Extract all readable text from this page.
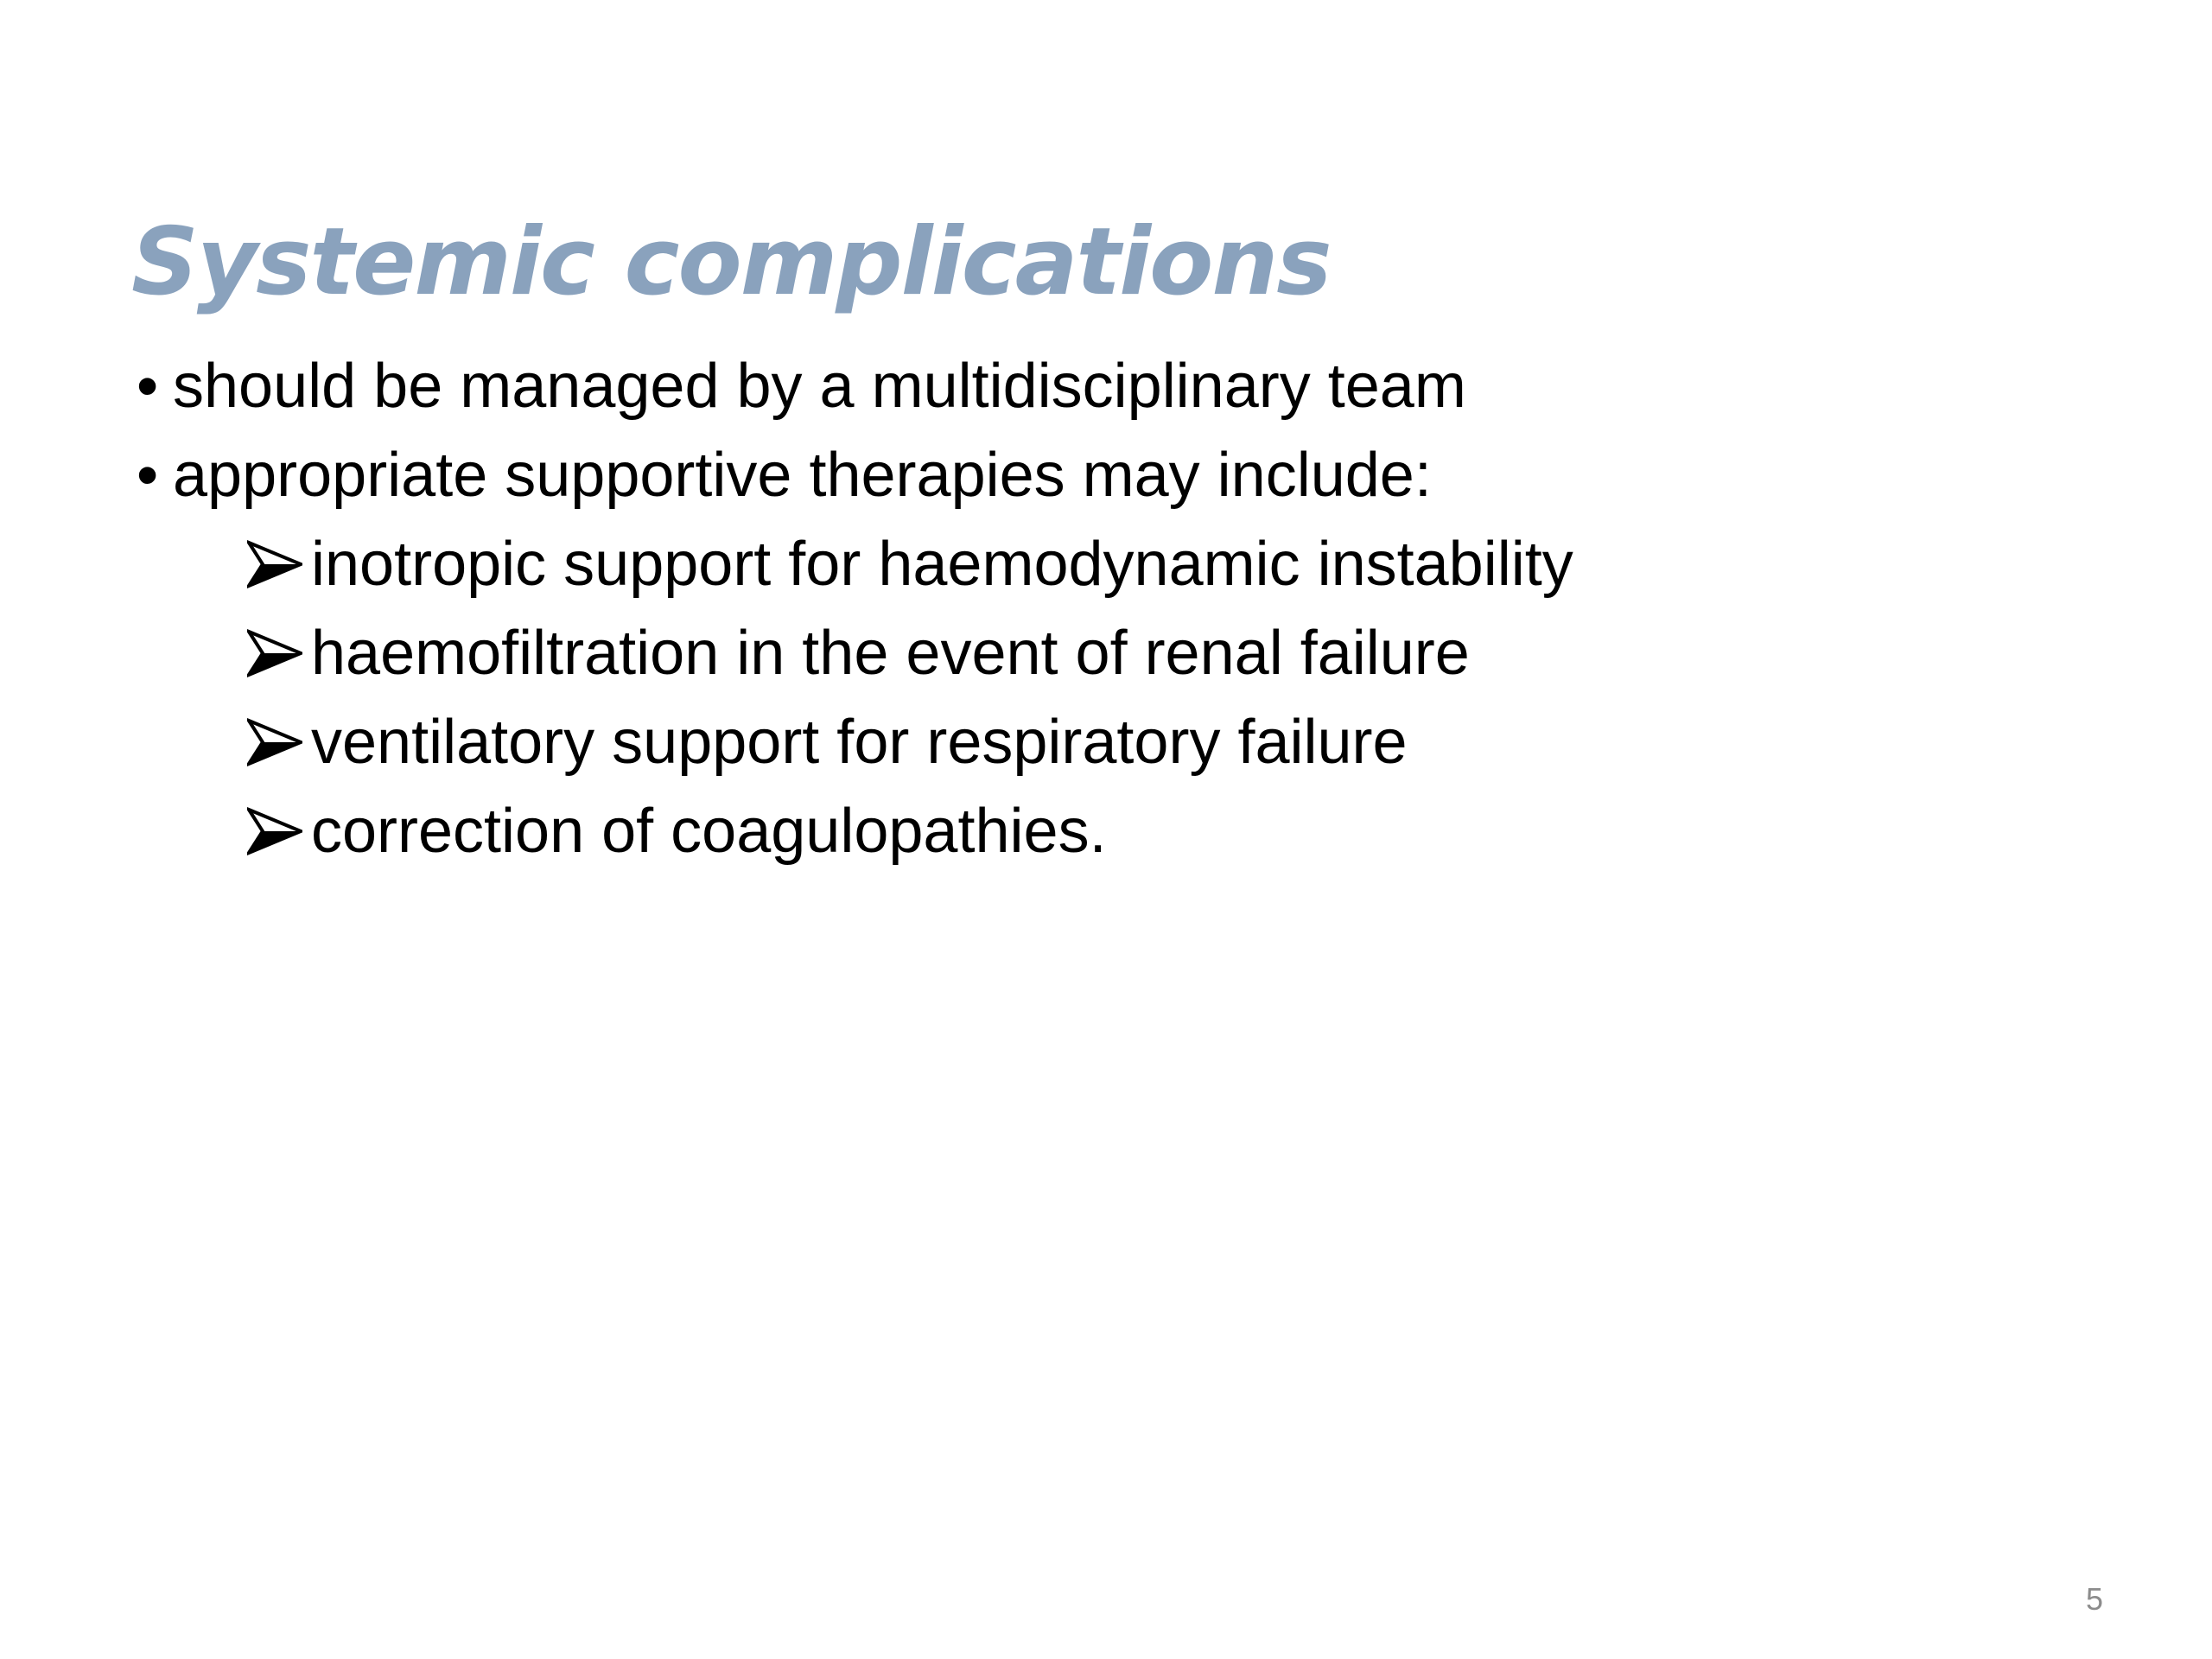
Systemic complications
• should be managed by a multidisciplinary team
• appropriate supportive therapies may include:
inotropic support for haemodynamic instability
haemofiltration in the event of renal failure
ventilatory support for respiratory failure
correction of coagulopathies.
5
